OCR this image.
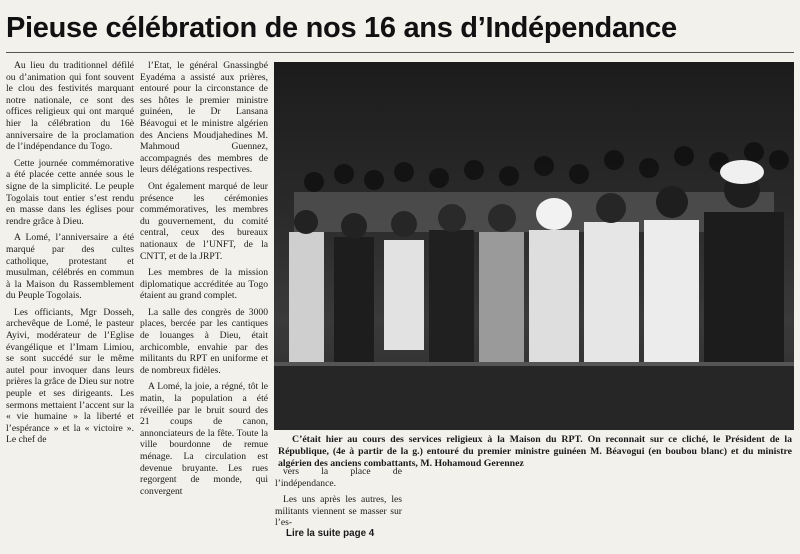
Pieuse célébration de nos 16 ans d’Indépendance

Au lieu du traditionnel défilé ou d’animation qui font souvent le clou des festivités marquant notre nationale, ce sont des offices religieux qui ont marqué hier la célébration du 16è anniversaire de la proclamation de l’indépendance du Togo.

Cette journée commémorative a été placée cette année sous le signe de la simplicité. Le peuple Togolais tout entier s’est rendu en masse dans les églises pour rendre grâce à Dieu.

A Lomé, l’anniversaire a été marqué par des cultes catholique, protestant et musulman, célébrés en commun à la Maison du Rassemblement du Peuple Togolais.

Les officiants, Mgr Dosseh, archevêque de Lomé, le pasteur Ayivi, modérateur de l’Eglise évangélique et l’Imam Limiou, se sont succédé sur le même autel pour invoquer dans leurs prières la grâce de Dieu sur notre peuple et ses dirigeants. Les sermons mettaient l’accent sur la « vie humaine » la liberté et l’espérance » et la « victoire ». Le chef de

l’Etat, le général Gnassingbé Eyadéma a assisté aux prières, entouré pour la circonstance de ses hôtes le premier ministre guinéen, le Dr Lansana Béavogui et le ministre algérien des Anciens Moudjahedines M. Mahmoud Guennez, accompagnés des membres de leurs délégations respectives.

Ont également marqué de leur présence les cérémonies commémoratives, les membres du gouvernement, du comité central, ceux des bureaux nationaux de l’UNFT, de la CNTT, et de la JRPT.

Les membres de la mission diplomatique accréditée au Togo étaient au grand complet.

La salle des congrès de 3000 places, bercée par les cantiques de louanges à Dieu, était archicomble, envahie par des militants du RPT en uniforme et de nombreux fidèles.

A Lomé, la joie, a régné, tôt le matin, la population a été réveillée par le bruit sourd des 21 coups de canon, annonciateurs de la fête. Toute la ville bourdonne de remue ménage. La circulation est devenue bruyante. Les rues regorgent de monde, qui convergent

C’était hier au cours des services religieux à la Maison du RPT. On reconnait sur ce cliché, le Président de la République, (4e à partir de la g.) entouré du premier ministre guinéen M. Béavogui (en boubou blanc) et du ministre algérien des anciens combattants, M. Hohamoud Gerennez

vers la place de l’indépendance.

Les uns après les autres, les militants viennent se masser sur l’es-

Lire la suite page 4
